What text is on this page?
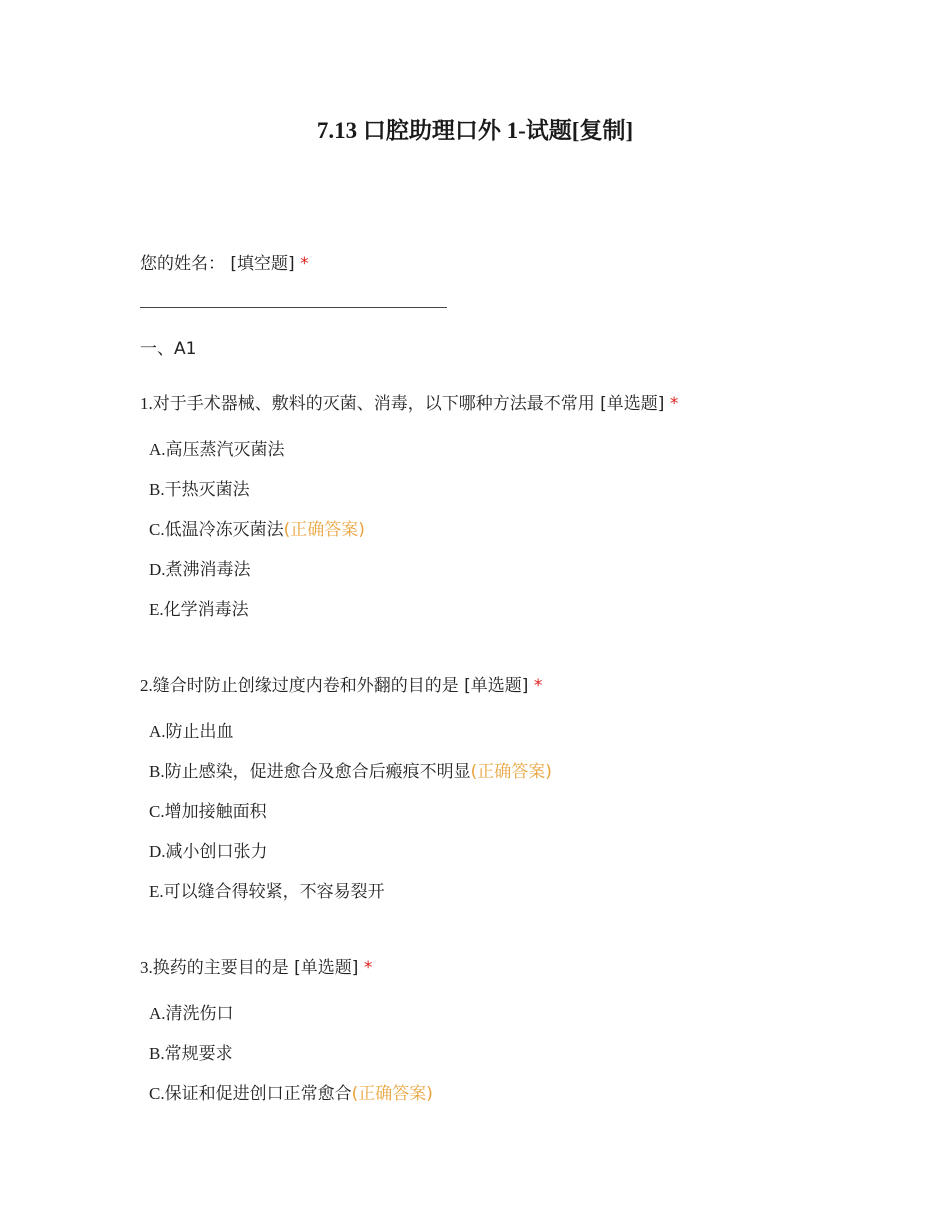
7.13 口腔助理口外 1-试题[复制]
您的姓名： [填空题] *
一、A1
1.对于手术器械、敷料的灭菌、消毒，以下哪种方法最不常用 [单选题] *
A.高压蒸汽灭菌法
B.干热灭菌法
C.低温冷冻灭菌法(正确答案)
D.煮沸消毒法
E.化学消毒法
2.缝合时防止创缘过度内卷和外翻的目的是 [单选题] *
A.防止出血
B.防止感染，促进愈合及愈合后瘢痕不明显(正确答案)
C.增加接触面积
D.减小创口张力
E.可以缝合得较紧，不容易裂开
3.换药的主要目的是 [单选题] *
A.清洗伤口
B.常规要求
C.保证和促进创口正常愈合(正确答案)
